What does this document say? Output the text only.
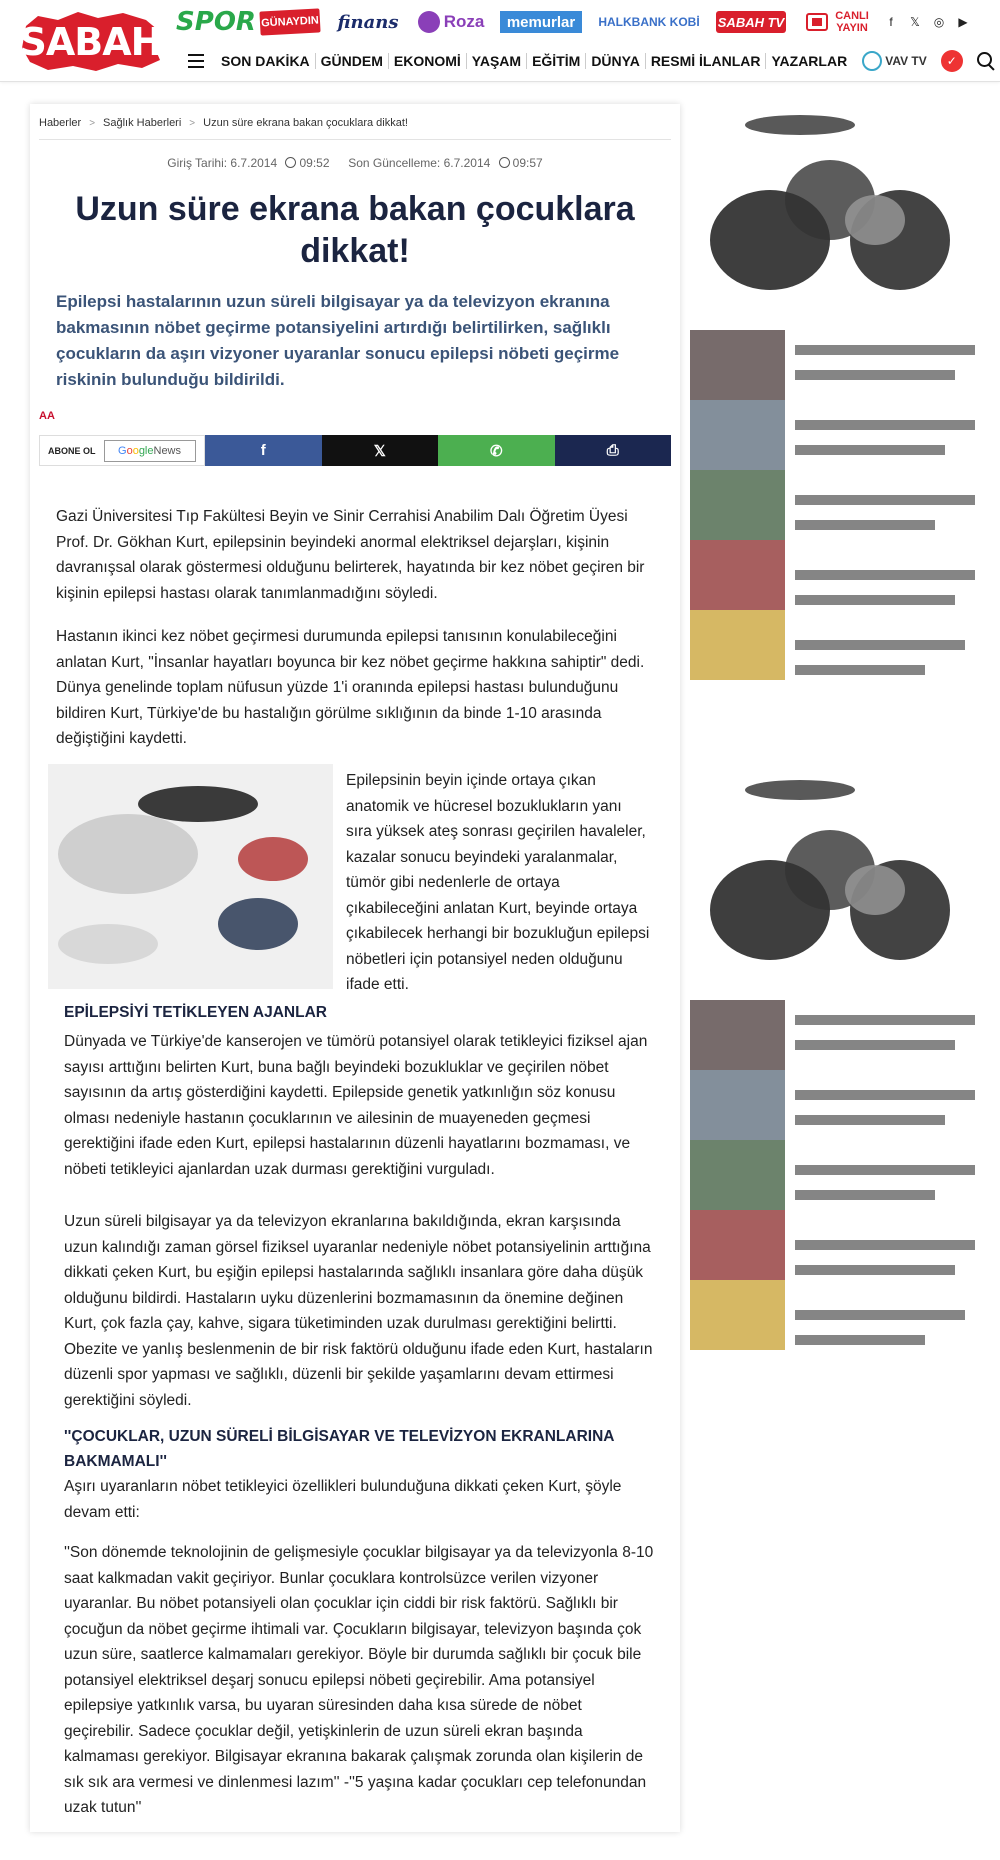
SABAH SPOR GÜNAYDIN finans	Roza	memurlar	HALKBANK KOBİ SABAH TV	CANLI
YAYIN	f	𝕏	◎	▶
SON DAKİKA GÜNDEM EKONOMİ YAŞAM EĞİTİM DÜNYA RESMİ İLANLAR YAZARLAR	VAV TV	✓
Haberler > Sağlık Haberleri > Uzun süre ekrana bakan çocuklara dikkat!
Giriş Tarihi: 6.7.2014 09:52 Son Güncelleme: 6.7.2014 09:57
Uzun süre ekrana bakan çocuklara dikkat!

Epilepsi hastalarının uzun süreli bilgisayar ya da televizyon ekranına bakmasının nöbet geçirme potansiyelini artırdığı belirtilirken, sağlıklı çocukların da aşırı vizyoner uyaranlar sonucu epilepsi nöbeti geçirme riskinin bulunduğu bildirildi.

AA
ABONE OL G o o gle News	f	𝕏	✆	⎙

Gazi Üniversitesi Tıp Fakültesi Beyin ve Sinir Cerrahisi Anabilim Dalı Öğretim Üyesi Prof. Dr. Gökhan Kurt, epilepsinin beyindeki anormal elektriksel dejarşları, kişinin davranışsal olarak göstermesi olduğunu belirterek, hayatında bir kez nöbet geçiren bir kişinin epilepsi hastası olarak tanımlanmadığını söyledi.

Hastanın ikinci kez nöbet geçirmesi durumunda epilepsi tanısının konulabileceğini anlatan Kurt, "İnsanlar hayatları boyunca bir kez nöbet geçirme hakkına sahiptir" dedi. Dünya genelinde toplam nüfusun yüzde 1'i oranında epilepsi hastası bulunduğunu bildiren Kurt, Türkiye'de bu hastalığın görülme sıklığının da binde 1-10 arasında değiştiğini kaydetti.

Epilepsinin beyin içinde ortaya çıkan anatomik ve hücresel bozuklukların yanı sıra yüksek ateş sonrası geçirilen havaleler, kazalar sonucu beyindeki yaralanmalar, tümör gibi nedenlerle de ortaya çıkabileceğini anlatan Kurt, beyinde ortaya çıkabilecek herhangi bir bozukluğun epilepsi nöbetleri için potansiyel neden olduğunu ifade etti.

EPİLEPSİYİ TETİKLEYEN AJANLAR

Dünyada ve Türkiye'de kanserojen ve tümörü potansiyel olarak tetikleyici fiziksel ajan sayısı arttığını belirten Kurt, buna bağlı beyindeki bozukluklar ve geçirilen nöbet sayısının da artış gösterdiğini kaydetti. Epilepside genetik yatkınlığın söz konusu olması nedeniyle hastanın çocuklarının ve ailesinin de muayeneden geçmesi gerektiğini ifade eden Kurt, epilepsi hastalarının düzenli hayatlarını bozmaması, ve nöbeti tetikleyici ajanlardan uzak durması gerektiğini vurguladı.

Uzun süreli bilgisayar ya da televizyon ekranlarına bakıldığında, ekran karşısında uzun kalındığı zaman görsel fiziksel uyaranlar nedeniyle nöbet potansiyelinin arttığına dikkati çeken Kurt, bu eşiğin epilepsi hastalarında sağlıklı insanlara göre daha düşük olduğunu bildirdi. Hastaların uyku düzenlerini bozmamasının da önemine değinen Kurt, çok fazla çay, kahve, sigara tüketiminden uzak durulması gerektiğini belirtti. Obezite ve yanlış beslenmenin de bir risk faktörü olduğunu ifade eden Kurt, hastaların düzenli spor yapması ve sağlıklı, düzenli bir şekilde yaşamlarını devam ettirmesi gerektiğini söyledi.

''ÇOCUKLAR, UZUN SÜRELİ BİLGİSAYAR VE TELEVİZYON EKRANLARINA BAKMAMALI''

Aşırı uyaranların nöbet tetikleyici özellikleri bulunduğuna dikkati çeken Kurt, şöyle devam etti:

''Son dönemde teknolojinin de gelişmesiyle çocuklar bilgisayar ya da televizyonla 8-10 saat kalkmadan vakit geçiriyor. Bunlar çocuklara kontrolsüzce verilen vizyoner uyaranlar. Bu nöbet potansiyeli olan çocuklar için ciddi bir risk faktörü. Sağlıklı bir çocuğun da nöbet geçirme ihtimali var. Çocukların bilgisayar, televizyon başında çok uzun süre, saatlerce kalmamaları gerekiyor. Böyle bir durumda sağlıklı bir çocuk bile potansiyel elektriksel deşarj sonucu epilepsi nöbeti geçirebilir. Ama potansiyel epilepsiye yatkınlık varsa, bu uyaran süresinden daha kısa sürede de nöbet geçirebilir. Sadece çocuklar değil, yetişkinlerin de uzun süreli ekran başında kalmaması gerekiyor. Bilgisayar ekranına bakarak çalışmak zorunda olan kişilerin de sık sık ara vermesi ve dinlenmesi lazım'' -''5 yaşına kadar çocukları cep telefonundan uzak tutun''
